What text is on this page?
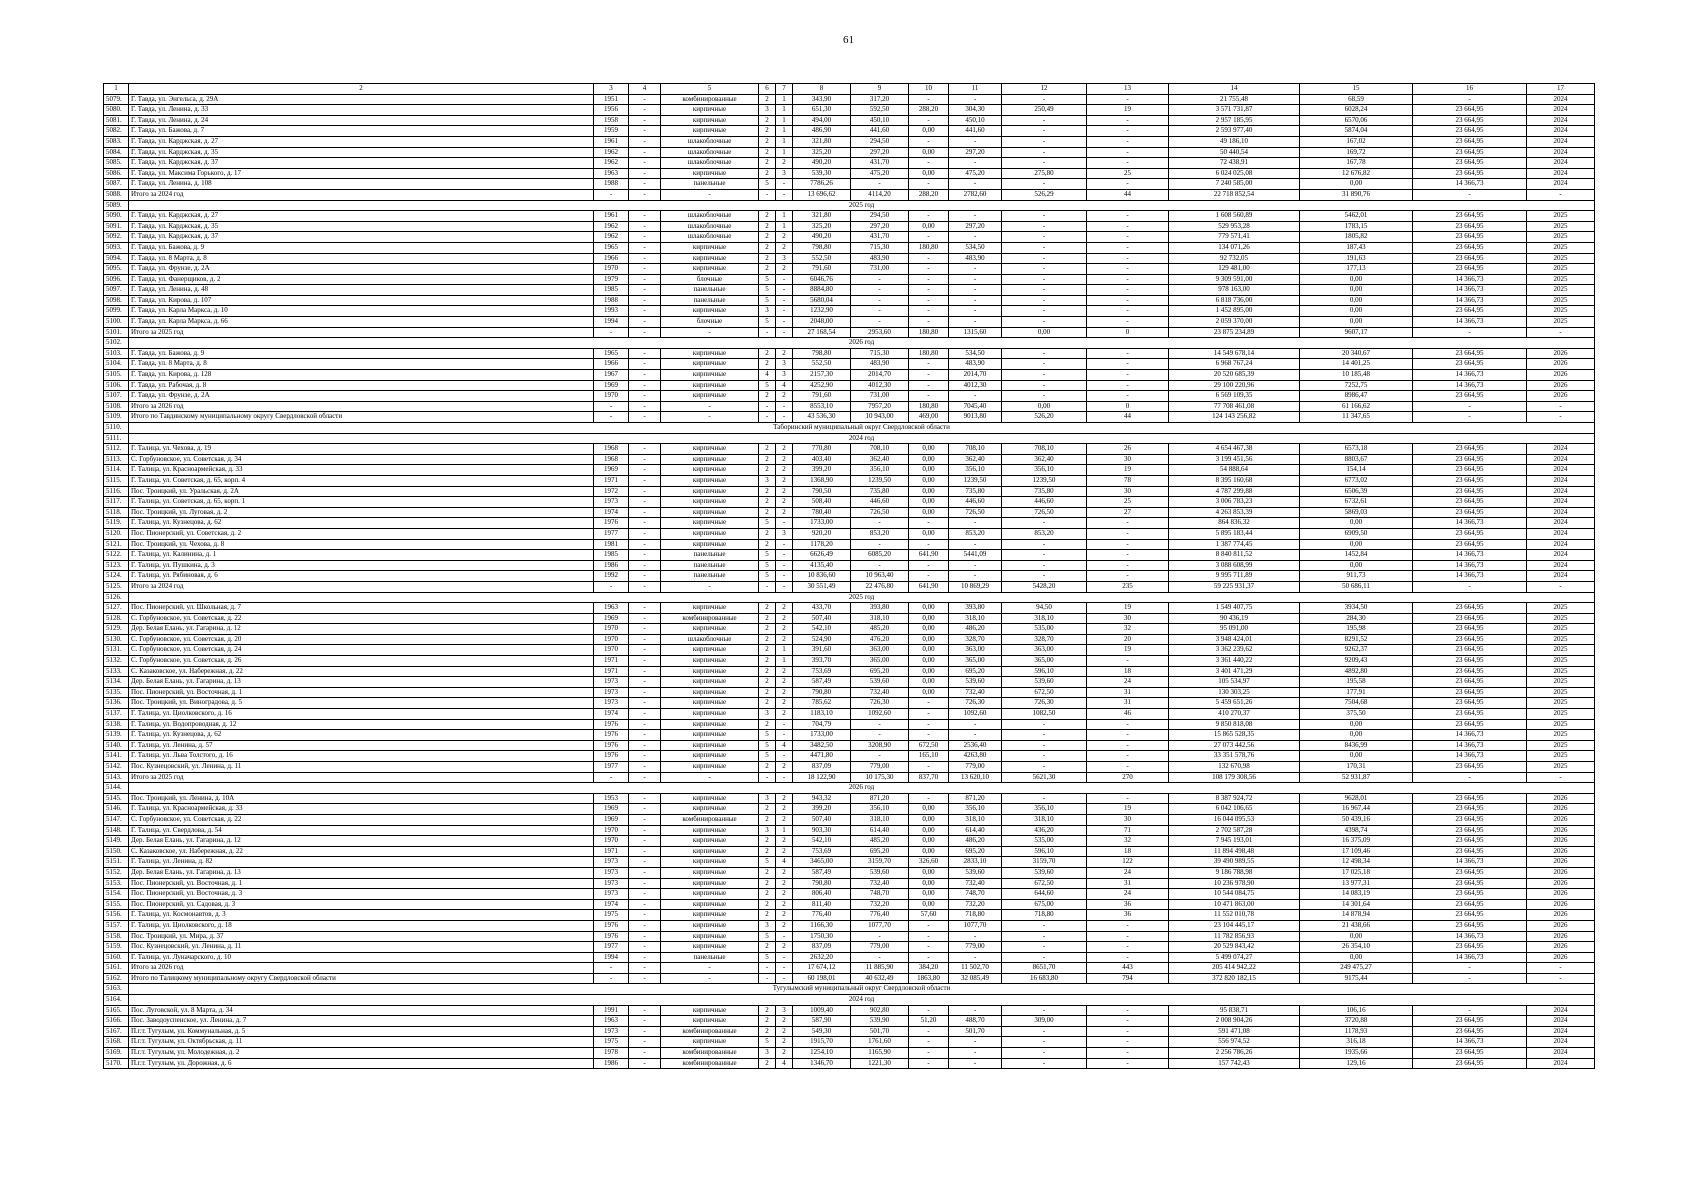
61
1	2	3	4	5	6	7	8	9	10	11	12	13	14	15	16	17
5079.	Г. Тавда, ул. Энгельса, д. 29А	1951	-	комбинированные	2	1	343,90	317,20	-	-	-	-	21 755,48	68,59	-	2024
5080.	Г. Тавда, ул. Ленина, д. 33	1956	-	кирпичные	3	1	651,30	592,50	288,20	304,30	250,49	19	3 571 731,87	6028,24	23 664,95	2024
5081.	Г. Тавда, ул. Ленина, д. 24	1958	-	кирпичные	2	1	494,00	450,10	-	450,10	-	-	2 957 185,95	6570,06	23 664,95	2024
5082.	Г. Тавда, ул. Бажова, д. 7	1959	-	кирпичные	2	1	486,90	441,60	0,00	441,60	-	-	2 593 977,40	5874,04	23 664,95	2024
5083.	Г. Тавда, ул. Карджская, д. 27	1961	-	шлакоблочные	2	1	321,80	294,50	-	-	-	-	49 186,10	167,02	23 664,95	2024
5084.	Г. Тавда, ул. Карджская, д. 35	1962	-	шлакоблочные	2	1	325,20	297,20	0,00	297,20	-	-	50 440,54	169,72	23 664,95	2024
5085.	Г. Тавда, ул. Карджская, д. 37	1962	-	шлакоблочные	2	2	490,20	431,70	-	-	-	-	72 438,91	167,78	23 664,95	2024
5086.	Г. Тавда, ул. Максима Горького, д. 17	1963	-	кирпичные	2	3	539,30	475,20	0,00	475,20	275,80	25	6 024 025,08	12 676,82	23 664,95	2024
5087.	Г. Тавда, ул. Ленина, д. 108	1988	-	панельные	5	-	7786,26	-	-	-	-	-	7 240 585,00	0,00	14 366,73	2024
5088.	Итого за 2024 год	-	-	-	-	-	13 696,62	4114,20	288,20	2782,60	526,29	44	22 718 852,54	31 890,76	-	-
5089.	2025 год															
5090.	Г. Тавда, ул. Карджская, д. 27	1961	-	шлакоблочные	2	1	321,80	294,50	-	-	-	-	1 608 560,89	5462,01	23 664,95	2025
5091.	Г. Тавда, ул. Карджская, д. 35	1962	-	шлакоблочные	2	1	325,20	297,20	0,00	297,20	-	-	529 953,28	1783,15	23 664,95	2025
5092.	Г. Тавда, ул. Карджская, д. 37	1962	-	шлакоблочные	2	2	490,20	431,70	-	-	-	-	779 571,41	1805,82	23 664,95	2025
5093.	Г. Тавда, ул. Бажова, д. 9	1965	-	кирпичные	2	2	798,80	715,30	180,80	534,50	-	-	134 071,26	187,43	23 664,95	2025
5094.	Г. Тавда, ул. 8 Марта, д. 8	1966	-	кирпичные	2	3	552,50	483,90	-	483,90	-	-	92 732,05	191,63	23 664,95	2025
5095.	Г. Тавда, ул. Фрунзе, д. 2А	1970	-	кирпичные	2	2	791,60	731,00	-	-	-	-	129 481,00	177,13	23 664,95	2025
5096.	Г. Тавда, ул. Фанерщиков, д. 2	1979	-	блочные	5	-	6046,76	-	-	-	-	-	9 309 591,00	0,00	14 366,73	2025
5097.	Г. Тавда, ул. Ленина, д. 48	1985	-	панельные	5	-	8884,80	-	-	-	-	-	978 163,00	0,00	14 366,73	2025
5098.	Г. Тавда, ул. Кирова, д. 107	1988	-	панельные	5	-	5680,04	-	-	-	-	-	6 818 736,00	0,00	14 366,73	2025
5099.	Г. Тавда, ул. Карла Маркса, д. 10	1993	-	кирпичные	3	-	1232,90	-	-	-	-	-	1 452 895,00	0,00	23 664,95	2025
5100.	Г. Тавда, ул. Карла Маркса, д. 66	1994	-	блочные	5	-	2048,00	-	-	-	-	-	2 059 370,00	0,00	14 366,73	2025
5101.	Итого за 2025 год	-	-	-	-	-	27 168,54	2953,60	180,80	1315,60	0,00	0	23 875 234,89	9607,17	-	-
5102.	2026 год															
5103.	Г. Тавда, ул. Бажова, д. 9	1965	-	кирпичные	2	2	798,80	715,30	180,80	534,50	-	-	14 549 678,14	20 340,67	23 664,95	2026
5104.	Г. Тавда, ул. 8 Марта, д. 8	1966	-	кирпичные	2	3	552,50	483,90	-	483,90	-	-	6 968 767,24	14 401,25	23 664,95	2026
5105.	Г. Тавда, ул. Кирова, д. 128	1967	-	кирпичные	4	3	2157,30	2014,70	-	2014,70	-	-	20 520 685,39	10 185,48	14 366,73	2026
5106.	Г. Тавда, ул. Рабочая, д. 8	1969	-	кирпичные	5	4	4252,90	4012,30	-	4012,30	-	-	29 100 220,96	7252,75	14 366,73	2026
5107.	Г. Тавда, ул. Фрунзе, д. 2А	1970	-	кирпичные	2	2	791,60	731,00	-	-	-	-	6 569 109,35	8986,47	23 664,95	2026
5108.	Итого за 2026 год	-	-	-	-	-	8553,10	7957,20	180,80	7045,40	0,00	0	77 708 461,08	61 166,62	-	-
5109.	Итого по Тавдинскому муниципальному округу Свердловской области	-	-	-	-	-	43 536,30	10 943,00	469,00	9013,80	526,20	44	124 143 256,82	11 347,65	-	-
5110.	Таборинский муниципальный округ Свердловской области															
5111.	2024 год															
5112.	Г. Талица, ул. Чехова, д. 19	1968	-	кирпичные	2	2	770,80	708,10	0,00	708,10	708,10	26	4 654 467,38	6573,18	23 664,95	2024
5113.	С. Горбуновское, ул. Советская, д. 34	1968	-	кирпичные	2	2	403,40	362,40	0,00	362,40	362,40	30	3 199 451,56	8803,67	23 664,95	2024
5114.	Г. Талица, ул. Красноармейская, д. 33	1969	-	кирпичные	2	2	399,20	356,10	0,00	356,10	356,10	19	54 888,64	154,14	23 664,95	2024
5115.	Г. Талица, ул. Советская, д. 65, корп. 4	1971	-	кирпичные	3	2	1368,90	1239,50	0,00	1239,50	1239,50	78	8 395 160,68	6773,02	23 664,95	2024
5116.	Пос. Троицкий, ул. Уральская, д. 2А	1972	-	кирпичные	2	2	790,50	735,80	0,00	735,80	735,80	30	4 787 299,88	6506,39	23 664,95	2024
5117.	Г. Талица, ул. Советская, д. 65, корп. 1	1973	-	кирпичные	2	2	508,40	446,60	0,00	446,60	446,60	25	3 006 783,23	6732,61	23 664,95	2024
5118.	Пос. Троицкий, ул. Луговая, д. 2	1974	-	кирпичные	2	2	780,40	726,50	0,00	726,50	726,50	27	4 263 853,39	5869,03	23 664,95	2024
5119.	Г. Талица, ул. Кузнецова, д. 62	1976	-	кирпичные	5	-	1733,00	-	-	-	-	-	864 836,32	0,00	14 366,73	2024
5120.	Пос. Пионерский, ул. Советская, д. 2	1977	-	кирпичные	2	3	920,20	853,20	0,00	853,20	853,20	-	5 895 183,44	6909,50	23 664,95	2024
5121.	Пос. Троицкий, ул. Чехова, д. 8	1981	-	кирпичные	2	-	1178,20	-	-	-	-	-	1 387 774,45	0,00	23 664,95	2024
5122.	Г. Талица, ул. Калинина, д. 1	1985	-	панельные	5	-	6626,49	6085,20	641,90	5441,09	-	-	8 840 811,52	1452,84	14 366,73	2024
5123.	Г. Талица, ул. Пушкина, д. 3	1986	-	панельные	5	-	4135,40	-	-	-	-	-	3 088 608,99	0,00	14 366,73	2024
5124.	Г. Талица, ул. Рябиновая, д. 6	1992	-	панельные	5	-	10 836,60	10 963,40	-	-	-	-	9 995 711,89	911,73	14 366,73	2024
5125.	Итого за 2024 год	-	-	-	-	-	30 551,49	22 476,80	641,90	10 869,29	5428,20	235	59 225 931,37	50 686,11	-	-
5126.	2025 год															
5127.	Пос. Пионерский, ул. Школьная, д. 7	1963	-	кирпичные	2	2	433,70	393,80	0,00	393,80	94,50	19	1 549 407,75	3934,50	23 664,95	2025
5128.	С. Горбуновское, ул. Советская, д. 22	1969	-	комбинированные	2	2	507,40	318,10	0,00	318,10	318,10	30	90 436,19	284,30	23 664,95	2025
5129.	Дер. Белая Елань, ул. Гагарина, д. 12	1970	-	кирпичные	2	2	542,10	485,20	0,00	486,20	535,00	32	95 091,00	195,98	23 664,95	2025
5130.	С. Горбуновское, ул. Советская, д. 20	1970	-	шлакоблочные	2	2	524,90	476,20	0,00	328,70	328,70	20	3 948 424,01	8291,52	23 664,95	2025
5131.	С. Горбуновское, ул. Советская, д. 24	1970	-	кирпичные	2	1	391,60	363,00	0,00	363,00	363,00	19	3 362 239,62	9262,37	23 664,95	2025
5132.	С. Горбуновское, ул. Советская, д. 26	1971	-	кирпичные	2	1	393,70	365,00	0,00	365,00	365,00	-	3 361 440,22	9209,43	23 664,95	2025
5133.	С. Казаковское, ул. Набережная, д. 22	1971	-	кирпичные	2	2	753,69	695,20	0,00	695,20	596,10	18	3 401 471,29	4892,80	23 664,95	2025
5134.	Дер. Белая Елань, ул. Гагарина, д. 13	1973	-	кирпичные	2	2	587,49	539,60	0,00	539,60	539,60	24	105 534,97	195,58	23 664,95	2025
5135.	Пос. Пионерский, ул. Восточная, д. 1	1973	-	кирпичные	2	2	790,80	732,40	0,00	732,40	672,50	31	130 303,25	177,91	23 664,95	2025
5136.	Пос. Троицкий, ул. Виноградова, д. 5	1973	-	кирпичные	2	2	785,62	726,30	-	726,30	726,30	31	5 459 651,26	7504,68	23 664,95	2025
5137.	Г. Талица, ул. Циолковского, д. 16	1974	-	кирпичные	3	2	1183,10	1092,60	-	1092,60	1082,50	46	410 270,37	375,50	23 664,95	2025
5138.	Г. Талица, ул. Водопроводная, д. 12	1976	-	кирпичные	2	-	704,79	-	-	-	-	-	9 850 818,08	0,00	23 664,95	2025
5139.	Г. Талица, ул. Кузнецова, д. 62	1976	-	кирпичные	5	-	1733,00	-	-	-	-	-	15 865 528,35	0,00	14 366,73	2025
5140.	Г. Талица, ул. Ленина, д. 57	1976	-	кирпичные	5	4	3482,50	3208,90	672,50	2536,40	-	-	27 073 442,56	8436,99	14 366,73	2025
5141.	Г. Талица, ул. Льва Толстого, д. 16	1976	-	кирпичные	5	-	4471,80	-	165,10	4263,80	-	-	33 351 578,76	0,00	14 366,73	2025
5142.	Пос. Кузнецовский, ул. Ленина, д. 11	1977	-	кирпичные	2	2	837,09	779,00	-	779,00	-	-	132 670,98	170,31	23 664,95	2025
5143.	Итого за 2025 год	-	-	-	-	-	18 122,90	10 175,30	837,70	13 620,10	5621,30	270	108 179 308,56	52 931,87	-	-
5144.	2026 год															
5145.	Пос. Троицкий, ул. Ленина, д. 10А	1953	-	кирпичные	3	2	943,32	871,20	-	871,20	-	-	8 387 924,72	9628,01	23 664,95	2026
5146.	Г. Талица, ул. Красноармейская, д. 33	1969	-	кирпичные	2	2	399,20	356,10	0,00	356,10	356,10	19	6 042 106,65	16 967,44	23 664,95	2026
5147.	С. Горбуновское, ул. Советская, д. 22	1969	-	комбинированные	2	2	507,40	318,10	0,00	318,10	318,10	30	16 044 095,53	50 439,16	23 664,95	2026
5148.	Г. Талица, ул. Свердлова, д. 54	1970	-	кирпичные	3	1	903,30	614,40	0,00	614,40	436,20	71	2 702 587,28	4398,74	23 664,95	2026
5149.	Дер. Белая Елань, ул. Гагарина, д. 12	1970	-	кирпичные	2	2	542,10	485,20	0,00	486,20	535,00	32	7 945 193,01	16 375,09	23 664,95	2026
5150.	С. Казаковское, ул. Набережная, д. 22	1971	-	кирпичные	2	2	753,69	695,20	0,00	695,20	596,10	18	11 894 498,48	17 109,46	23 664,95	2026
5151.	Г. Талица, ул. Ленина, д. 82	1973	-	кирпичные	5	4	3465,00	3159,70	326,60	2833,10	3159,70	122	39 490 989,55	12 498,34	14 366,73	2026
5152.	Дер. Белая Елань, ул. Гагарина, д. 13	1973	-	кирпичные	2	2	587,49	539,60	0,00	539,60	539,60	24	9 186 788,98	17 025,18	23 664,95	2026
5153.	Пос. Пионерский, ул. Восточная, д. 1	1973	-	кирпичные	2	2	790,80	732,40	0,00	732,40	672,50	31	10 236 978,90	13 977,31	23 664,95	2026
5154.	Пос. Пионерский, ул. Восточная, д. 3	1973	-	кирпичные	2	2	806,40	748,70	0,00	748,70	644,60	24	10 544 084,75	14 083,19	23 664,95	2026
5155.	Пос. Пионерский, ул. Садовая, д. 3	1974	-	кирпичные	2	2	811,40	732,20	0,00	732,20	675,00	36	10 471 863,00	14 301,64	23 664,95	2026
5156.	Г. Талица, ул. Космонавтов, д. 3	1975	-	кирпичные	2	2	776,40	776,40	57,60	718,80	718,80	36	11 552 010,78	14 878,94	23 664,95	2026
5157.	Г. Талица, ул. Циолковского, д. 18	1976	-	кирпичные	3	2	1166,30	1077,70	-	1077,70	-	-	23 104 445,17	21 438,66	23 664,95	2026
5158.	Пос. Троицкий, ул. Мира, д. 37	1976	-	кирпичные	5	-	1750,30	-	-	-	-	-	11 782 856,93	0,00	14 366,73	2026
5159.	Пос. Кузнецовский, ул. Ленина, д. 11	1977	-	кирпичные	2	2	837,09	779,00	-	779,00	-	-	20 529 843,42	26 354,10	23 664,95	2026
5160.	Г. Талица, ул. Луначарского, д. 10	1994	-	панельные	5	-	2632,20	-	-	-	-	-	5 499 074,27	0,00	14 366,73	2026
5161.	Итого за 2026 год	-	-	-	-	-	17 674,12	11 885,90	384,20	11 502,70	8651,70	443	205 414 942,22	249 475,27	-	-
5162.	Итого по Талицкому муниципальному округу Свердловской области	-	-	-	-	-	60 198,01	40 632,49	1863,80	32 085,49	16 683,80	794	372 820 182,15	9175,44	-	-
5163.	Тугулымский муниципальный округ Свердловской области															
5164.	2024 год															
5165.	Пос. Луговской, ул. 8 Марта, д. 34	1991	-	кирпичные	2	3	1009,40	902,80	-	-	-	-	95 838,71	106,16	-	2024
5166.	Пос. Заводоуспенское, ул. Ленина, д. 7	1963	-	кирпичные	2	2	587,90	539,90	51,20	488,70	309,00	-	2 008 904,26	3720,88	23 664,95	2024
5167.	П.г.т. Тугулым, ул. Коммунальная, д. 5	1973	-	комбинированные	2	2	549,30	501,70	-	501,70	-	-	591 471,08	1178,93	23 664,95	2024
5168.	П.г.т. Тугулым, ул. Октябрьская, д. 11	1975	-	кирпичные	5	2	1915,70	1761,60	-	-	-	-	556 974,52	316,18	14 366,73	2024
5169.	П.г.т. Тугулым, ул. Молодежная, д. 2	1978	-	комбинированные	3	2	1254,10	1165,90	-	-	-	-	2 256 786,26	1935,66	23 664,95	2024
5170.	П.г.т. Тугулым, ул. Дорожная, д. 6	1986	-	комбинированные	2	4	1346,70	1221,30	-	-	-	-	157 742,43	129,16	23 664,95	2024
